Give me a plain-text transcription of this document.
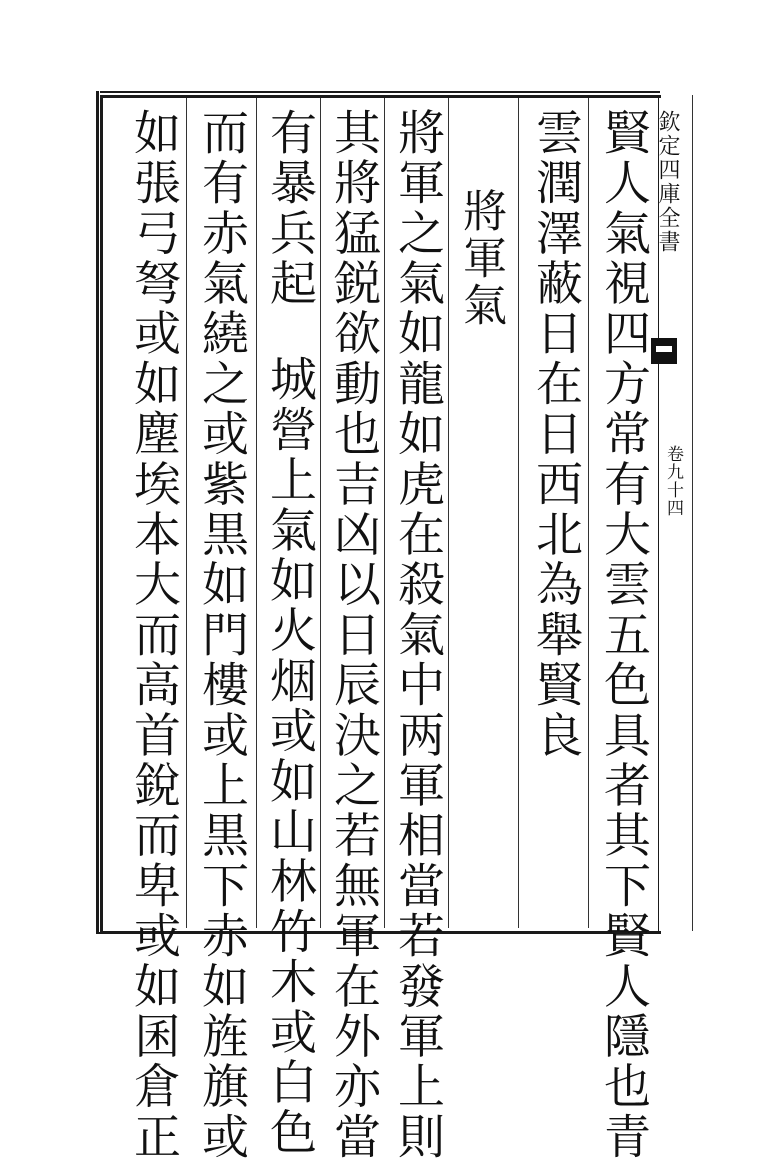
欽定四庫全書
卷九十四
賢人氣視四方常有大雲五色具者其下賢人隱也青
雲潤澤蔽日在日西北為舉賢良
將軍氣
將軍之氣如龍如虎在殺氣中两軍相當若發軍上則
其將猛鋭欲動也吉凶以日辰決之若無軍在外亦當
有暴兵起城營上氣如火烟或如山林竹木或白色
而有赤氣繞之或紫黒如門樓或上黒下赤如旌旗或
如張弓弩或如塵埃本大而高首銳而卑或如囷倉正
